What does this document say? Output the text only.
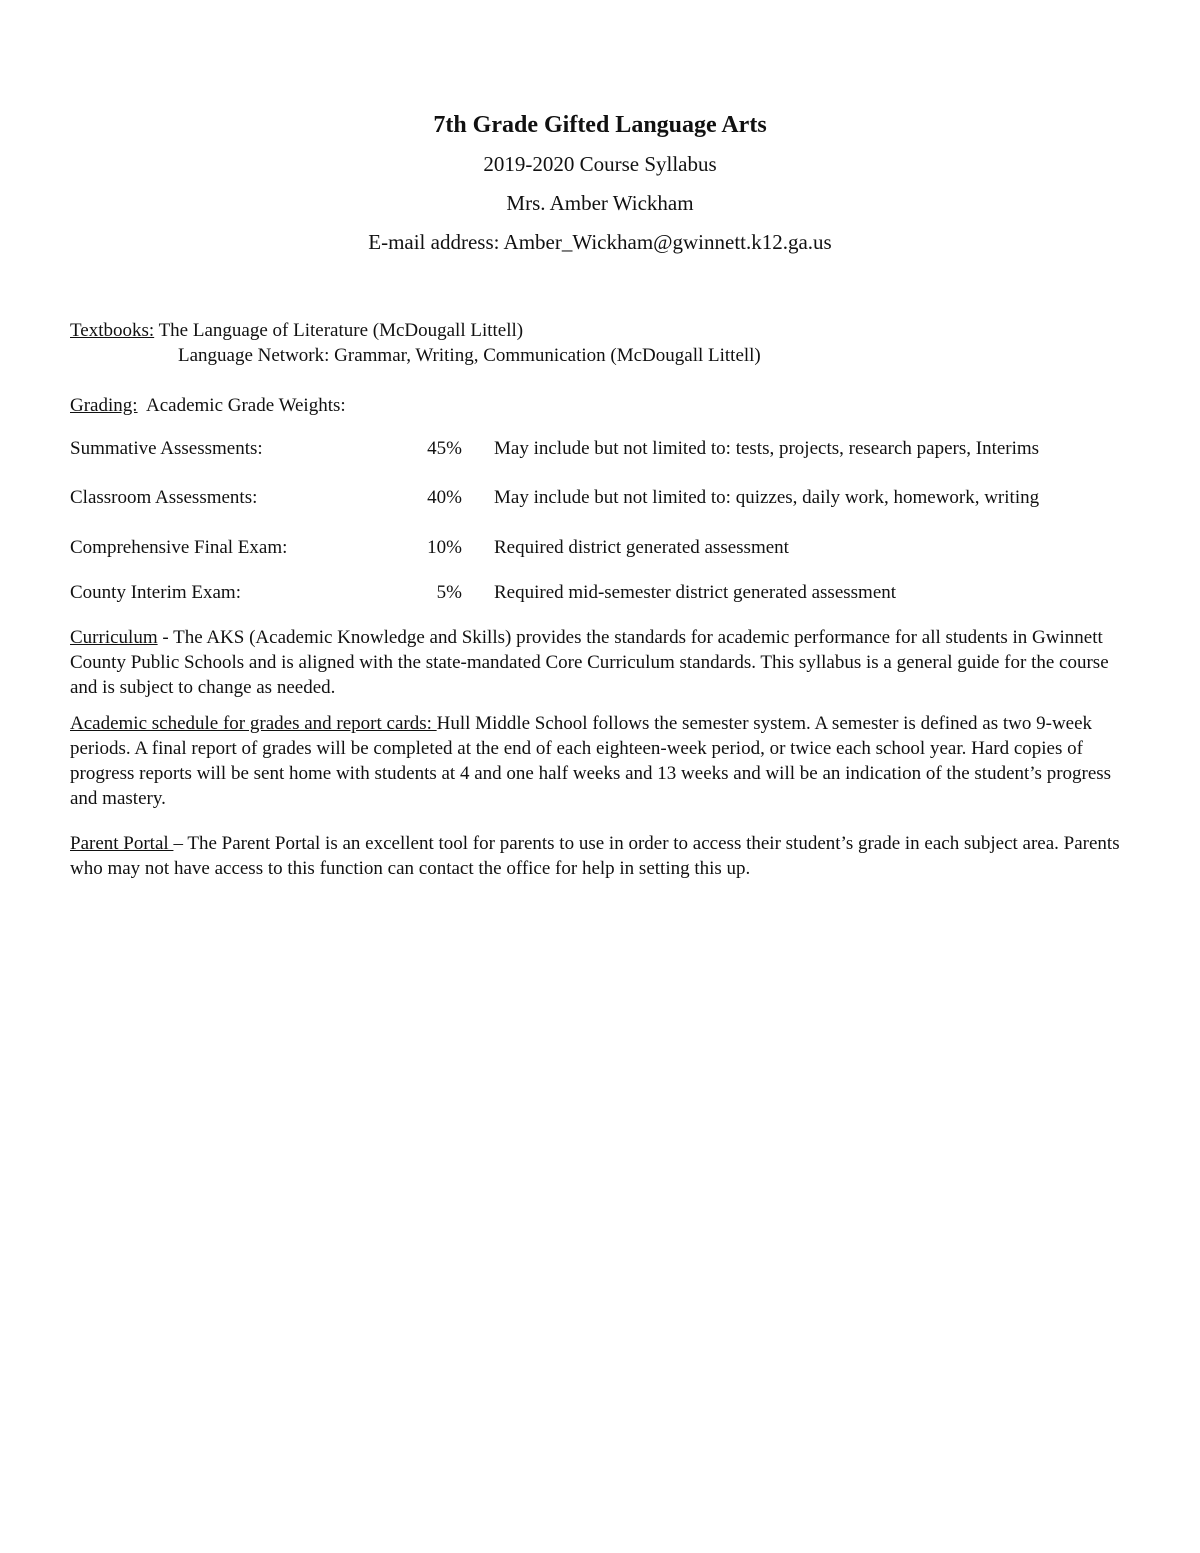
7th Grade Gifted Language Arts
2019-2020 Course Syllabus
Mrs. Amber Wickham
E-mail address: Amber_Wickham@gwinnett.k12.ga.us

Textbooks: The Language of Literature (McDougall Littell)

Language Network: Grammar, Writing, Communication (McDougall Littell)

Grading:  Academic Grade Weights:

Summative Assessments:	45% May include but not limited to: tests, projects, research papers, Interims
Classroom Assessments:	40% May include but not limited to: quizzes, daily work, homework, writing
Comprehensive Final Exam:	10% Required district generated assessment
County Interim Exam:	5% Required mid-semester district generated assessment

Curriculum - The AKS (Academic Knowledge and Skills) provides the standards for academic performance for all students in Gwinnett County Public Schools and is aligned with the state-mandated Core Curriculum standards. This syllabus is a general guide for the course and is subject to change as needed.

Academic schedule for grades and report cards: Hull Middle School follows the semester system. A semester is defined as two 9-week periods. A final report of grades will be completed at the end of each eighteen-week period, or twice each school year. Hard copies of progress reports will be sent home with students at 4 and one half weeks and 13 weeks and will be an indication of the student’s progress and mastery.

Parent Portal – The Parent Portal is an excellent tool for parents to use in order to access their student’s grade in each subject area. Parents who may not have access to this function can contact the office for help in setting this up.
